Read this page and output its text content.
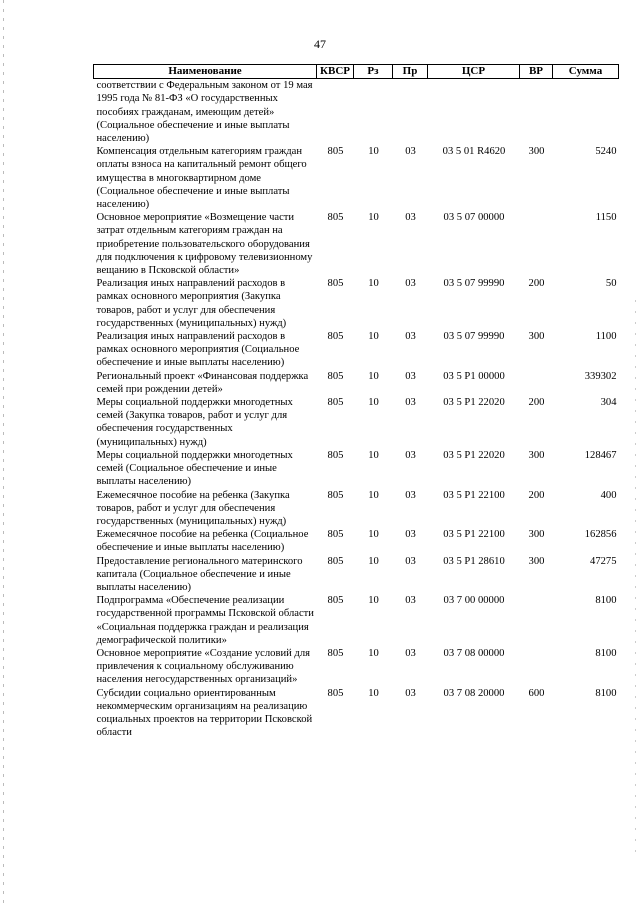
47
Наименование	КВСР	Рз	Пр	ЦСР	ВР	Сумма
соответствии с Федеральным законом от 19 мая 1995 года № 81-ФЗ «О государственных пособиях гражданам, имеющим детей» (Социальное обеспечение и иные выплаты населению)						
Компенсация отдельным категориям граждан оплаты взноса на капитальный ремонт общего имущества в многоквартирном доме (Социальное обеспечение и иные выплаты населению)	805	10	03	03 5 01 R4620	300	5240
Основное мероприятие «Возмещение части затрат отдельным категориям граждан на приобретение пользовательского оборудования для подключения к цифровому телевизионному вещанию в Псковской области»	805	10	03	03 5 07 00000		1150
Реализация иных направлений расходов в рамках основного мероприятия (Закупка товаров, работ и услуг для обеспечения государственных (муниципальных) нужд)	805	10	03	03 5 07 99990	200	50
Реализация иных направлений расходов в рамках основного мероприятия (Социальное обеспечение и иные выплаты населению)	805	10	03	03 5 07 99990	300	1100
Региональный проект «Финансовая поддержка семей при рождении детей»	805	10	03	03 5 P1 00000		339302
Меры социальной поддержки многодетных семей (Закупка товаров, работ и услуг для обеспечения государственных (муниципальных) нужд)	805	10	03	03 5 P1 22020	200	304
Меры социальной поддержки многодетных семей (Социальное обеспечение и иные выплаты населению)	805	10	03	03 5 P1 22020	300	128467
Ежемесячное пособие на ребенка (Закупка товаров, работ и услуг для обеспечения государственных (муниципальных) нужд)	805	10	03	03 5 P1 22100	200	400
Ежемесячное пособие на ребенка (Социальное обеспечение и иные выплаты населению)	805	10	03	03 5 P1 22100	300	162856
Предоставление регионального материнского капитала (Социальное обеспечение и иные выплаты населению)	805	10	03	03 5 P1 28610	300	47275
Подпрограмма «Обеспечение реализации государственной программы Псковской области «Социальная поддержка граждан и реализация демографической политики»	805	10	03	03 7 00 00000		8100
Основное мероприятие «Создание условий для привлечения к социальному обслуживанию населения негосударственных организаций»	805	10	03	03 7 08 00000		8100
Субсидии социально ориентированным некоммерческим организациям на реализацию социальных проектов на территории Псковской области	805	10	03	03 7 08 20000	600	8100
